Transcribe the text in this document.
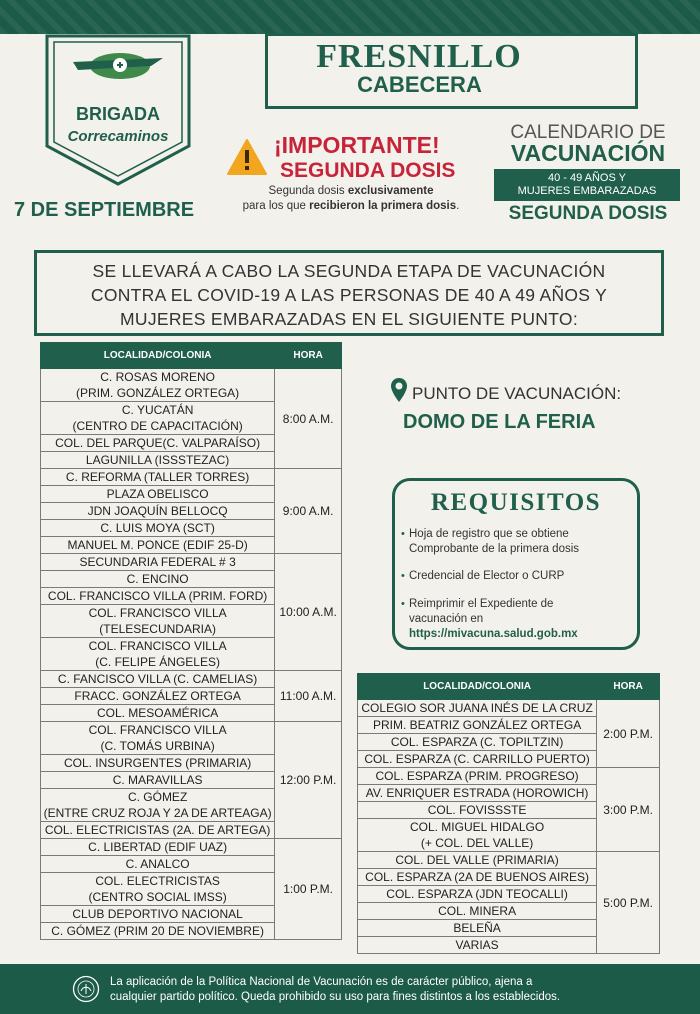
BRIGADA
Correcaminos
7 DE SEPTIEMBRE
FRESNILLO
CABECERA
¡IMPORTANTE!
SEGUNDA DOSIS
Segunda dosis exclusivamente
para los que recibieron la primera dosis.
CALENDARIO DE
VACUNACIÓN
40 - 49 AÑOS Y
MUJERES EMBARAZADAS
SEGUNDA DOSIS
SE LLEVARÁ A CABO LA SEGUNDA ETAPA DE VACUNACIÓN
CONTRA EL COVID-19 A LAS PERSONAS DE 40 A 49 AÑOS Y
MUJERES EMBARAZADAS EN EL SIGUIENTE PUNTO:
LOCALIDAD/COLONIA	HORA

C. ROSAS MORENO
(PRIM. GONZÁLEZ ORTEGA)	8:00 A.M.

C. YUCATÁN
(CENTRO DE CAPACITACIÓN)	

COL. DEL PARQUE(C. VALPARAÍSO)	

LAGUNILLA (ISSSTEZAC)	

C. REFORMA (TALLER TORRES)	9:00 A.M.

PLAZA OBELISCO	

JDN JOAQUÍN BELLOCQ	

C. LUIS MOYA (SCT)	

MANUEL M. PONCE (EDIF 25-D)	

SECUNDARIA FEDERAL # 3	10:00 A.M.

C. ENCINO	

COL. FRANCISCO VILLA (PRIM. FORD)	

COL. FRANCISCO VILLA
(TELESECUNDARIA)	

COL. FRANCISCO VILLA
(C. FELIPE ÁNGELES)	

C. FANCISCO VILLA (C. CAMELIAS)	11:00 A.M.

FRACC. GONZÁLEZ ORTEGA	

COL. MESOAMÉRICA	

COL. FRANCISCO VILLA
(C. TOMÁS URBINA)	12:00 P.M.

COL. INSURGENTES (PRIMARIA)	

C. MARAVILLAS	

C. GÓMEZ
(ENTRE CRUZ ROJA Y 2A DE ARTEAGA)	

COL. ELECTRICISTAS (2A. DE ARTEGA)	

C. LIBERTAD (EDIF UAZ)	1:00 P.M.

C. ANALCO	

COL. ELECTRICISTAS
(CENTRO SOCIAL IMSS)	

CLUB DEPORTIVO NACIONAL	

C. GÓMEZ (PRIM 20 DE NOVIEMBRE)	
LOCALIDAD/COLONIA	HORA

COLEGIO SOR JUANA INÉS DE LA CRUZ	2:00 P.M.

PRIM. BEATRIZ GONZÁLEZ ORTEGA	

COL. ESPARZA (C. TOPILTZIN)	

COL. ESPARZA (C. CARRILLO PUERTO)	

COL. ESPARZA (PRIM. PROGRESO)	3:00 P.M.

AV. ENRIQUER ESTRADA (HOROWICH)	

COL. FOVISSSTE	

COL. MIGUEL HIDALGO
(+ COL. DEL VALLE)	

COL. DEL VALLE (PRIMARIA)	5:00 P.M.

COL. ESPARZA (2A DE BUENOS AIRES)	

COL. ESPARZA (JDN TEOCALLI)	

COL. MINERA	

BELEÑA	

VARIAS	
PUNTO DE VACUNACIÓN:
DOMO DE LA FERIA
REQUISITOS
• Hoja de registro que se obtiene
Comprobante de la primera dosis
• Credencial de Elector o CURP
• Reimprimir el Expediente de
vacunación en
https://mivacuna.salud.gob.mx
La aplicación de la Política Nacional de Vacunación es de carácter público, ajena a
cualquier partido político. Queda prohibido su uso para fines distintos a los establecidos.
